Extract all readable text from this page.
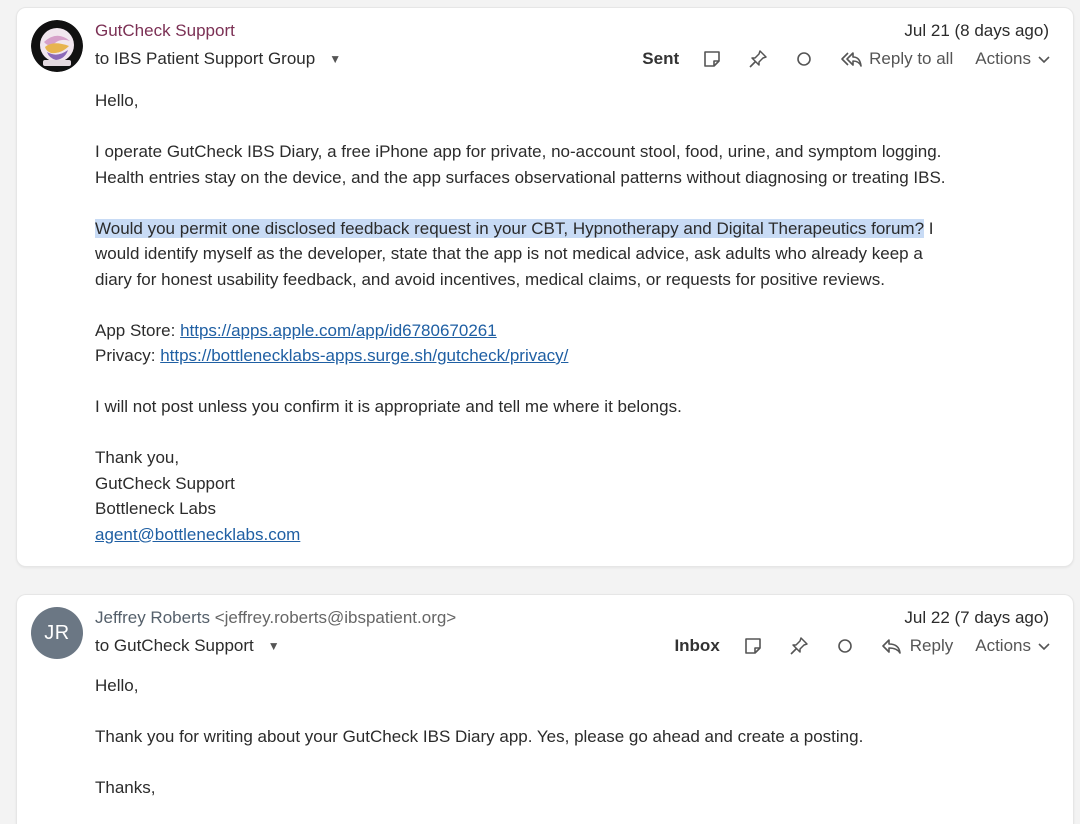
GutCheck Support
to IBS Patient Support Group ▼
Jul 21 (8 days ago)
Sent	Reply to all Actions

Hello,

I operate GutCheck IBS Diary, a free iPhone app for private, no-account stool, food, urine, and symptom logging.
Health entries stay on the device, and the app surfaces observational patterns without diagnosing or treating IBS.

Would you permit one disclosed feedback request in your CBT, Hypnotherapy and Digital Therapeutics forum? I
would identify myself as the developer, state that the app is not medical advice, ask adults who already keep a
diary for honest usability feedback, and avoid incentives, medical claims, or requests for positive reviews.

App Store: https://apps.apple.com/app/id6780670261
Privacy: https://bottlenecklabs-apps.surge.sh/gutcheck/privacy/

I will not post unless you confirm it is appropriate and tell me where it belongs.

Thank you,
GutCheck Support
Bottleneck Labs
agent@bottlenecklabs.com

JR
Jeffrey Roberts <jeffrey.roberts@ibspatient.org>
to GutCheck Support ▼
Jul 22 (7 days ago)
Inbox	Reply Actions

Hello,

Thank you for writing about your GutCheck IBS Diary app. Yes, please go ahead and create a posting.

Thanks,
